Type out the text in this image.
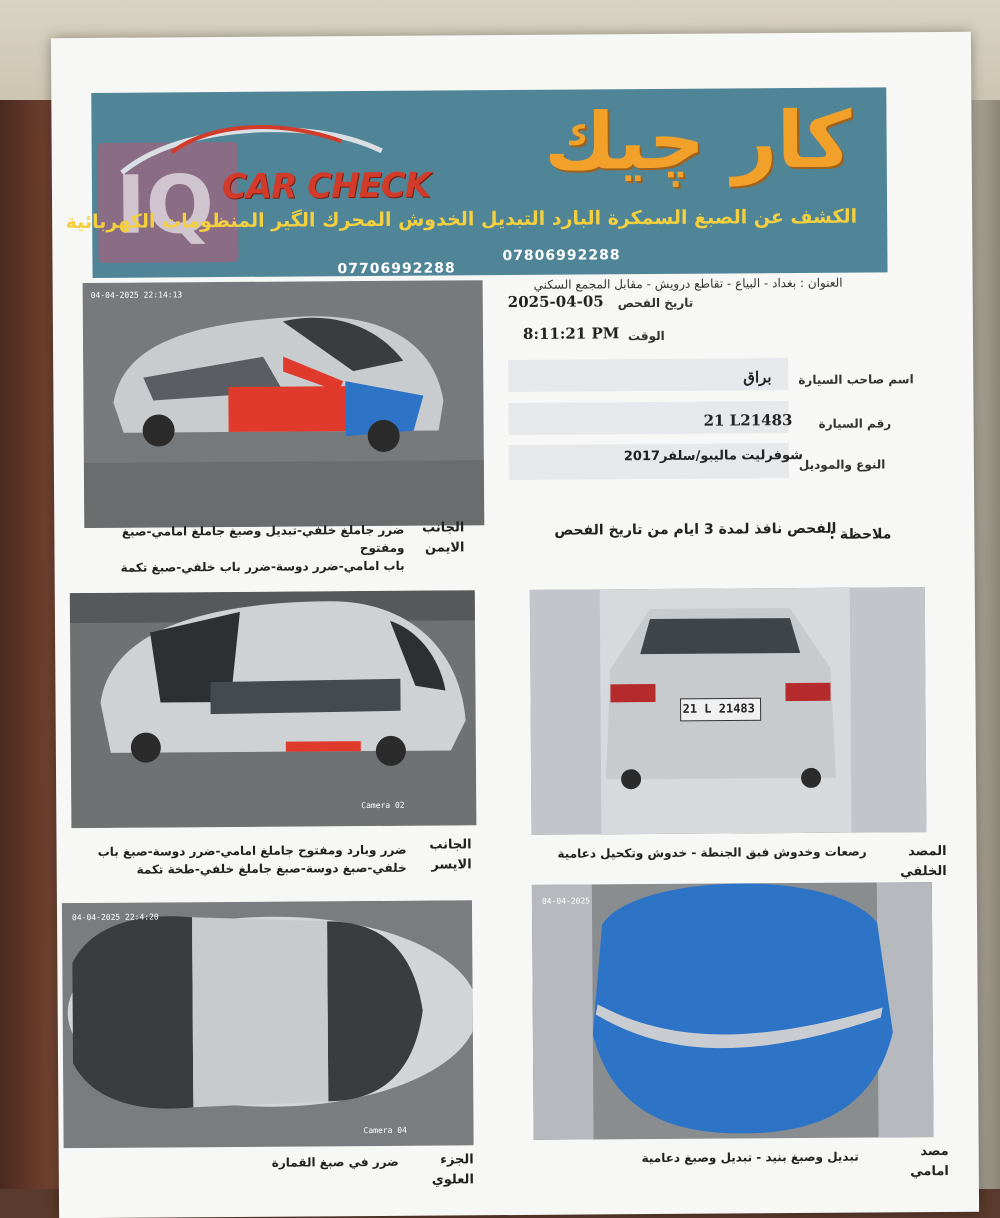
IQ CAR CHECK كار چيك
الكشف عن الصبغ السمكرة البارد التبديل الخدوش المحرك الگير المنظومات الكهربائية
07806992288
07706992288
العنوان : بغداد - البياع - تقاطع درويش - مقابل المجمع السكني
04-04-2025 22:14:13
الجانب
الايمن
ضرر جاملغ خلفي-تبديل وصبغ جاملغ امامي-صبغ ومفتوح
باب امامي-ضرر دوسة-ضرر باب خلفي-صبغ تكمة
2025-04-05 تاريخ الفحص
8:11:21 PM الوقت
براق اسم صاحب السيارة
21 L21483 رقم السيارة
شوفرليت ماليبو/سلفر2017
النوع والموديل
الفحص نافذ لمدة 3 ايام من تاريخ الفحص
ملاحظة :
Camera 02
الجانب
الايسر
ضرر وبارد ومفتوح جاملغ امامي-ضرر دوسة-صبغ باب
خلفي-صبغ دوسة-صبغ جاملغ خلفي-طخة تكمة
21 L 21483
المصد
الخلفي
رصعات وخدوش فبق الجنطة - خدوش وتكحيل دعامية
04-04-2025 22:4:20
Camera 04
الجزء
العلوي
ضرر في صبغ القمارة
04-04-2025
مصد
امامي
تبديل وصبغ بنيد - تبديل وصبغ دعامية
